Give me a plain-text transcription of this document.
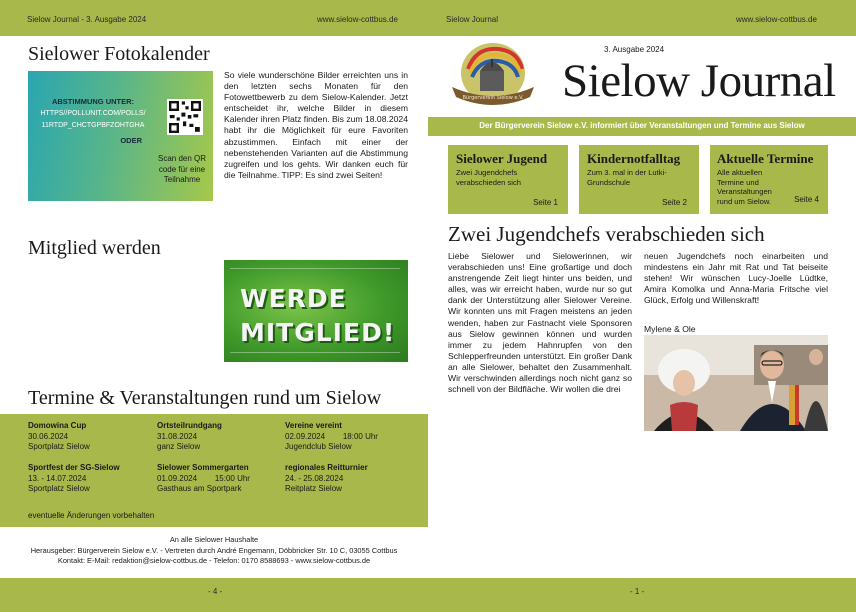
Sielow Journal - 3. Ausgabe 2024	www.sielow-cottbus.de	Sielow Journal	www.sielow-cottbus.de
Sielower Fotokalender
ABSTIMMUNG UNTER:
HTTPS//POLLUNIT.COM/POLLS/
11RTDP_CHCTGPBFZOHTGHA
ODER
Scan den QR
code für eine
Teilnahme
So viele wunderschöne Bilder erreichten uns in den letzten sechs Monaten für den Fotowettbewerb zu dem Sielow-Kalender. Jetzt entscheidet ihr, welche Bilder in diesem Kalender ihren Platz finden. Bis zum 18.08.2024 habt ihr die Möglichkeit für eure Favoriten abzustimmen. Einfach mit einer der nebenstehenden Varianten auf die Abstimmung zugreifen und los gehts. Wir danken euch für die Teilnahme. TIPP: Es sind zwei Seiten!
Mitglied werden
WERDE
MITGLIED!
Termine & Veranstaltungen rund um Sielow
Domowina Cup
30.06.2024
Sportplatz Sielow
Ortsteilrundgang
31.08.2024
ganz Sielow
Vereine vereint
02.09.2024        18:00 Uhr
Jugendclub Sielow
Sportfest der SG-Sielow
13. - 14.07.2024
Sportplatz Sielow
Sielower Sommergarten
01.09.2024        15:00 Uhr
Gasthaus am Sportpark
regionales Reitturnier
24. - 25.08.2024
Reitplatz Sielow
eventuelle Änderungen vorbehalten
An alle Sielower Haushalte
Herausgeber: Bürgerverein Sielow e.V. - Vertreten durch André Engemann, Döbbricker Str. 10 C, 03055 Cottbus
Kontakt: E-Mail: redaktion@sielow-cottbus.de - Telefon: 0170 8588693 - www.sielow-cottbus.de
Bürgerverein Sielow e.V.
3. Ausgabe 2024
Sielow Journal
Der Bürgerverein Sielow e.V. informiert über Veranstaltungen und Termine aus Sielow
Sielower Jugend
Zwei Jugendchefs verabschieden sich
Seite 1
Kindernotfalltag
Zum 3. mal in der Lutki-Grundschule
Seite 2
Aktuelle Termine
Alle aktuellen Termine und Veranstaltungen rund um Sielow.	Seite 4
Zwei Jugendchefs verabschieden sich
Liebe Sielower und Sielowerinnen, wir verabschieden uns! Eine großartige und doch anstrengende Zeit liegt hinter uns beiden, und alles, was wir erreicht haben, wurde nur so gut dank der Unterstützung aller Sielower Vereine. Wir konnten uns mit Fragen meistens an jeden wenden, haben zur Fastnacht viele Sponsoren aus Sielow gewinnen können und wurden immer zu jedem Hahnrupfen von den Schlepperfreunden unterstützt. Ein großer Dank an alle Sielower, behaltet den Zusammenhalt. Wir verschwinden allerdings noch nicht ganz so schnell von der Bildfläche. Wir wollen die drei
neuen Jugendchefs noch einarbeiten und mindestens ein Jahr mit Rat und Tat beiseite stehen! Wir wünschen Lucy-Joelle Lüdtke, Amira Komolka und Anna-Maria Fritsche viel Glück, Erfolg und Willenskraft!
Mylene & Ole
- 4 -	- 1 -
